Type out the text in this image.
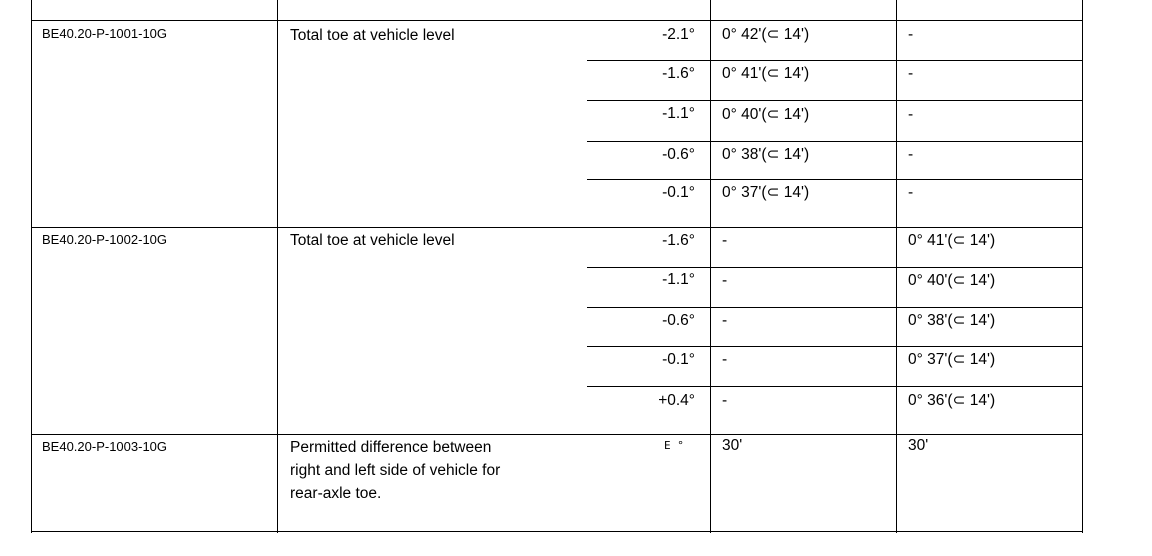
BE40.20-P-1001-10G	Total toe at vehicle level	-2.1° 0° 42'(⊂ 14')	-
-1.6° 0° 41'(⊂ 14')	-
-1.1° 0° 40'(⊂ 14')	-
-0.6° 0° 38'(⊂ 14')	-
-0.1° 0° 37'(⊂ 14')	-
BE40.20-P-1002-10G	Total toe at vehicle level	-1.6° -	0° 41'(⊂ 14')
-1.1° -	0° 40'(⊂ 14')
-0.6° -	0° 38'(⊂ 14')
-0.1° -	0° 37'(⊂ 14')
+0.4° -	0° 36'(⊂ 14')
BE40.20-P-1003-10G	Permitted difference between
right and left side of vehicle for
rear-axle toe.
E ° 30'	30'
